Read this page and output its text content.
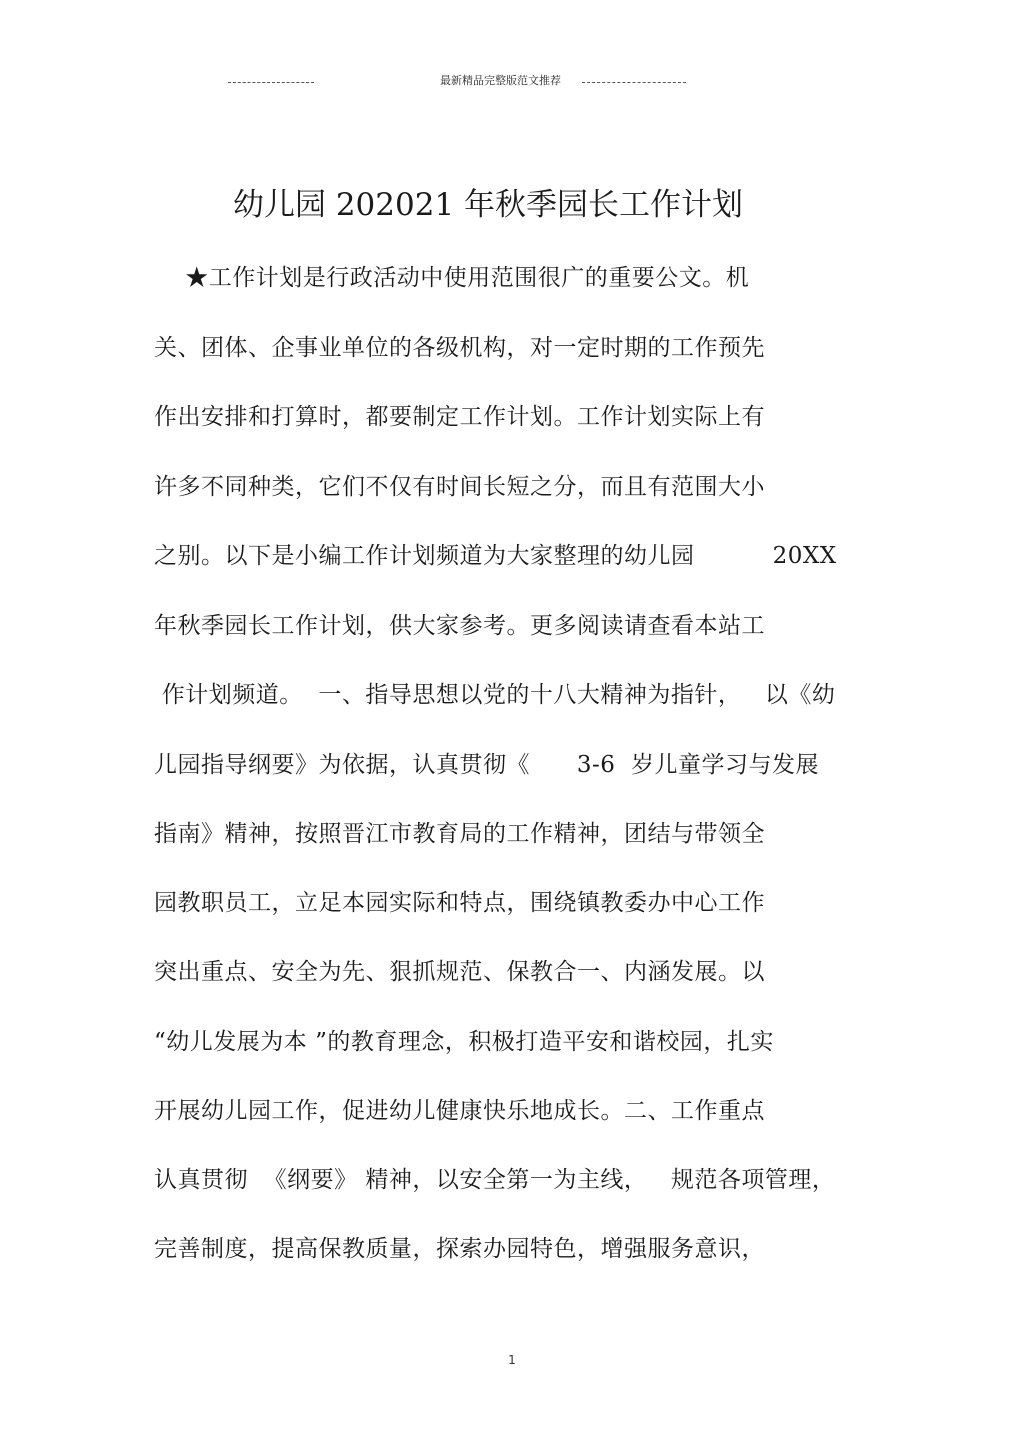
最新精品完整版范文推荐
幼儿园 202021 年秋季园长工作计划
★工作计划是行政活动中使用范围很广的重要公文。机
关、团体、企事业单位的各级机构，对一定时期的工作预先
作出安排和打算时，都要制定工作计划。工作计划实际上有
许多不同种类，它们不仅有时间长短之分，而且有范围大小
之别。以下是小编工作计划频道为大家整理的幼儿园          20XX
年秋季园长工作计划，供大家参考。更多阅读请查看本站工
作计划频道。  一、指导思想以党的十八大精神为指针，   以《幼
儿园指导纲要》为依据，认真贯彻《      3-6  岁儿童学习与发展
指南》精神，按照晋江市教育局的工作精神，团结与带领全
园教职员工，立足本园实际和特点，围绕镇教委办中心工作
突出重点、安全为先、狠抓规范、保教合一、内涵发展。以
“幼儿发展为本 ”的教育理念，积极打造平安和谐校园，扎实
开展幼儿园工作，促进幼儿健康快乐地成长。二、工作重点
认真贯彻  《纲要》 精神，以安全第一为主线，   规范各项管理，
完善制度，提高保教质量，探索办园特色，增强服务意识，
1
